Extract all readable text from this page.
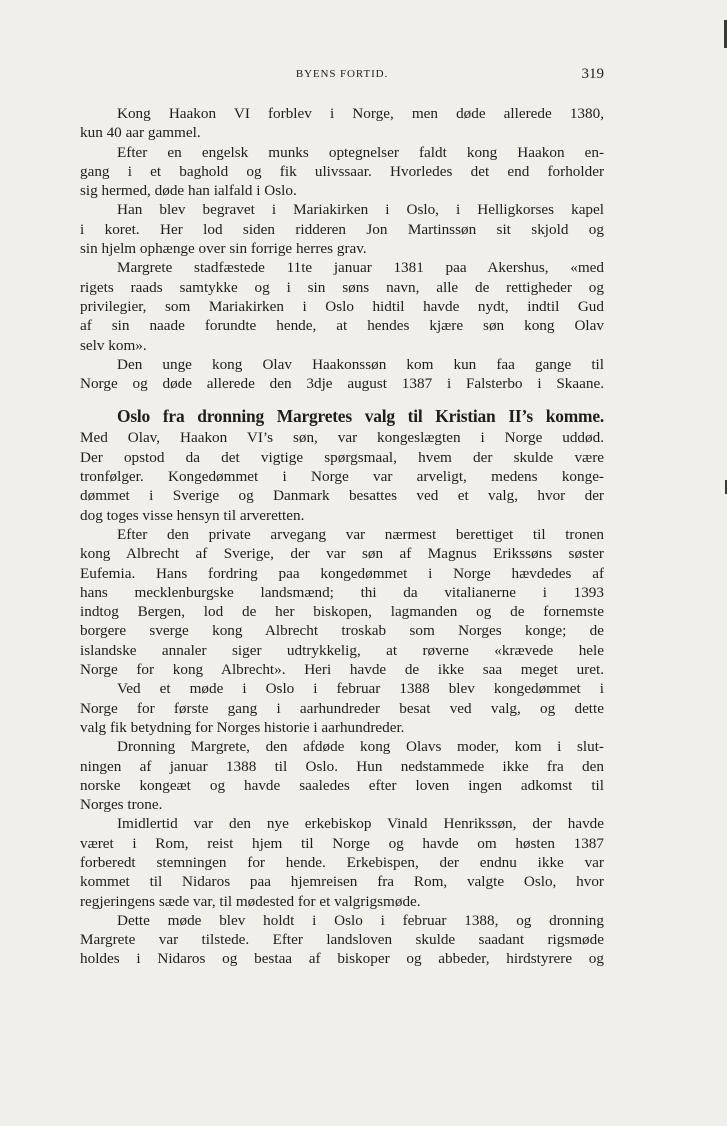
BYENS FORTID.	319
Kong Haakon VI forblev i Norge, men døde allerede 1380,
kun 40 aar gammel.
Efter en engelsk munks optegnelser faldt kong Haakon en-
gang i et baghold og fik ulivssaar. Hvorledes det end forholder
sig hermed, døde han ialfald i Oslo.
Han blev begravet i Mariakirken i Oslo, i Helligkorses kapel
i koret. Her lod siden ridderen Jon Martinssøn sit skjold og
sin hjelm ophænge over sin forrige herres grav.
Margrete stadfæstede 11te januar 1381 paa Akershus, «med
rigets raads samtykke og i sin søns navn, alle de rettigheder og
privilegier, som Mariakirken i Oslo hidtil havde nydt, indtil Gud
af sin naade forundte hende, at hendes kjære søn kong Olav
selv kom».
Den unge kong Olav Haakonssøn kom kun faa gange til
Norge og døde allerede den 3dje august 1387 i Falsterbo i Skaane.
Oslo fra dronning Margretes valg til Kristian II’s komme.
Med Olav, Haakon VI’s søn, var kongeslægten i Norge uddød.
Der opstod da det vigtige spørgsmaal, hvem der skulde være
tronfølger. Kongedømmet i Norge var arveligt, medens konge-
dømmet i Sverige og Danmark besattes ved et valg, hvor der
dog toges visse hensyn til arveretten.
Efter den private arvegang var nærmest berettiget til tronen
kong Albrecht af Sverige, der var søn af Magnus Erikssøns søster
Eufemia. Hans fordring paa kongedømmet i Norge hævdedes af
hans mecklenburgske landsmænd; thi da vitalianerne i 1393
indtog Bergen, lod de her biskopen, lagmanden og de fornemste
borgere sverge kong Albrecht troskab som Norges konge; de
islandske annaler siger udtrykkelig, at røverne «krævede hele
Norge for kong Albrecht». Heri havde de ikke saa meget uret.
Ved et møde i Oslo i februar 1388 blev kongedømmet i
Norge for første gang i aarhundreder besat ved valg, og dette
valg fik betydning for Norges historie i aarhundreder.
Dronning Margrete, den afdøde kong Olavs moder, kom i slut-
ningen af januar 1388 til Oslo. Hun nedstammede ikke fra den
norske kongeæt og havde saaledes efter loven ingen adkomst til
Norges trone.
Imidlertid var den nye erkebiskop Vinald Henrikssøn, der havde
været i Rom, reist hjem til Norge og havde om høsten 1387
forberedt stemningen for hende. Erkebispen, der endnu ikke var
kommet til Nidaros paa hjemreisen fra Rom, valgte Oslo, hvor
regjeringens sæde var, til mødested for et valgrigsmøde.
Dette møde blev holdt i Oslo i februar 1388, og dronning
Margrete var tilstede. Efter landsloven skulde saadant rigsmøde
holdes i Nidaros og bestaa af biskoper og abbeder, hirdstyrere og
